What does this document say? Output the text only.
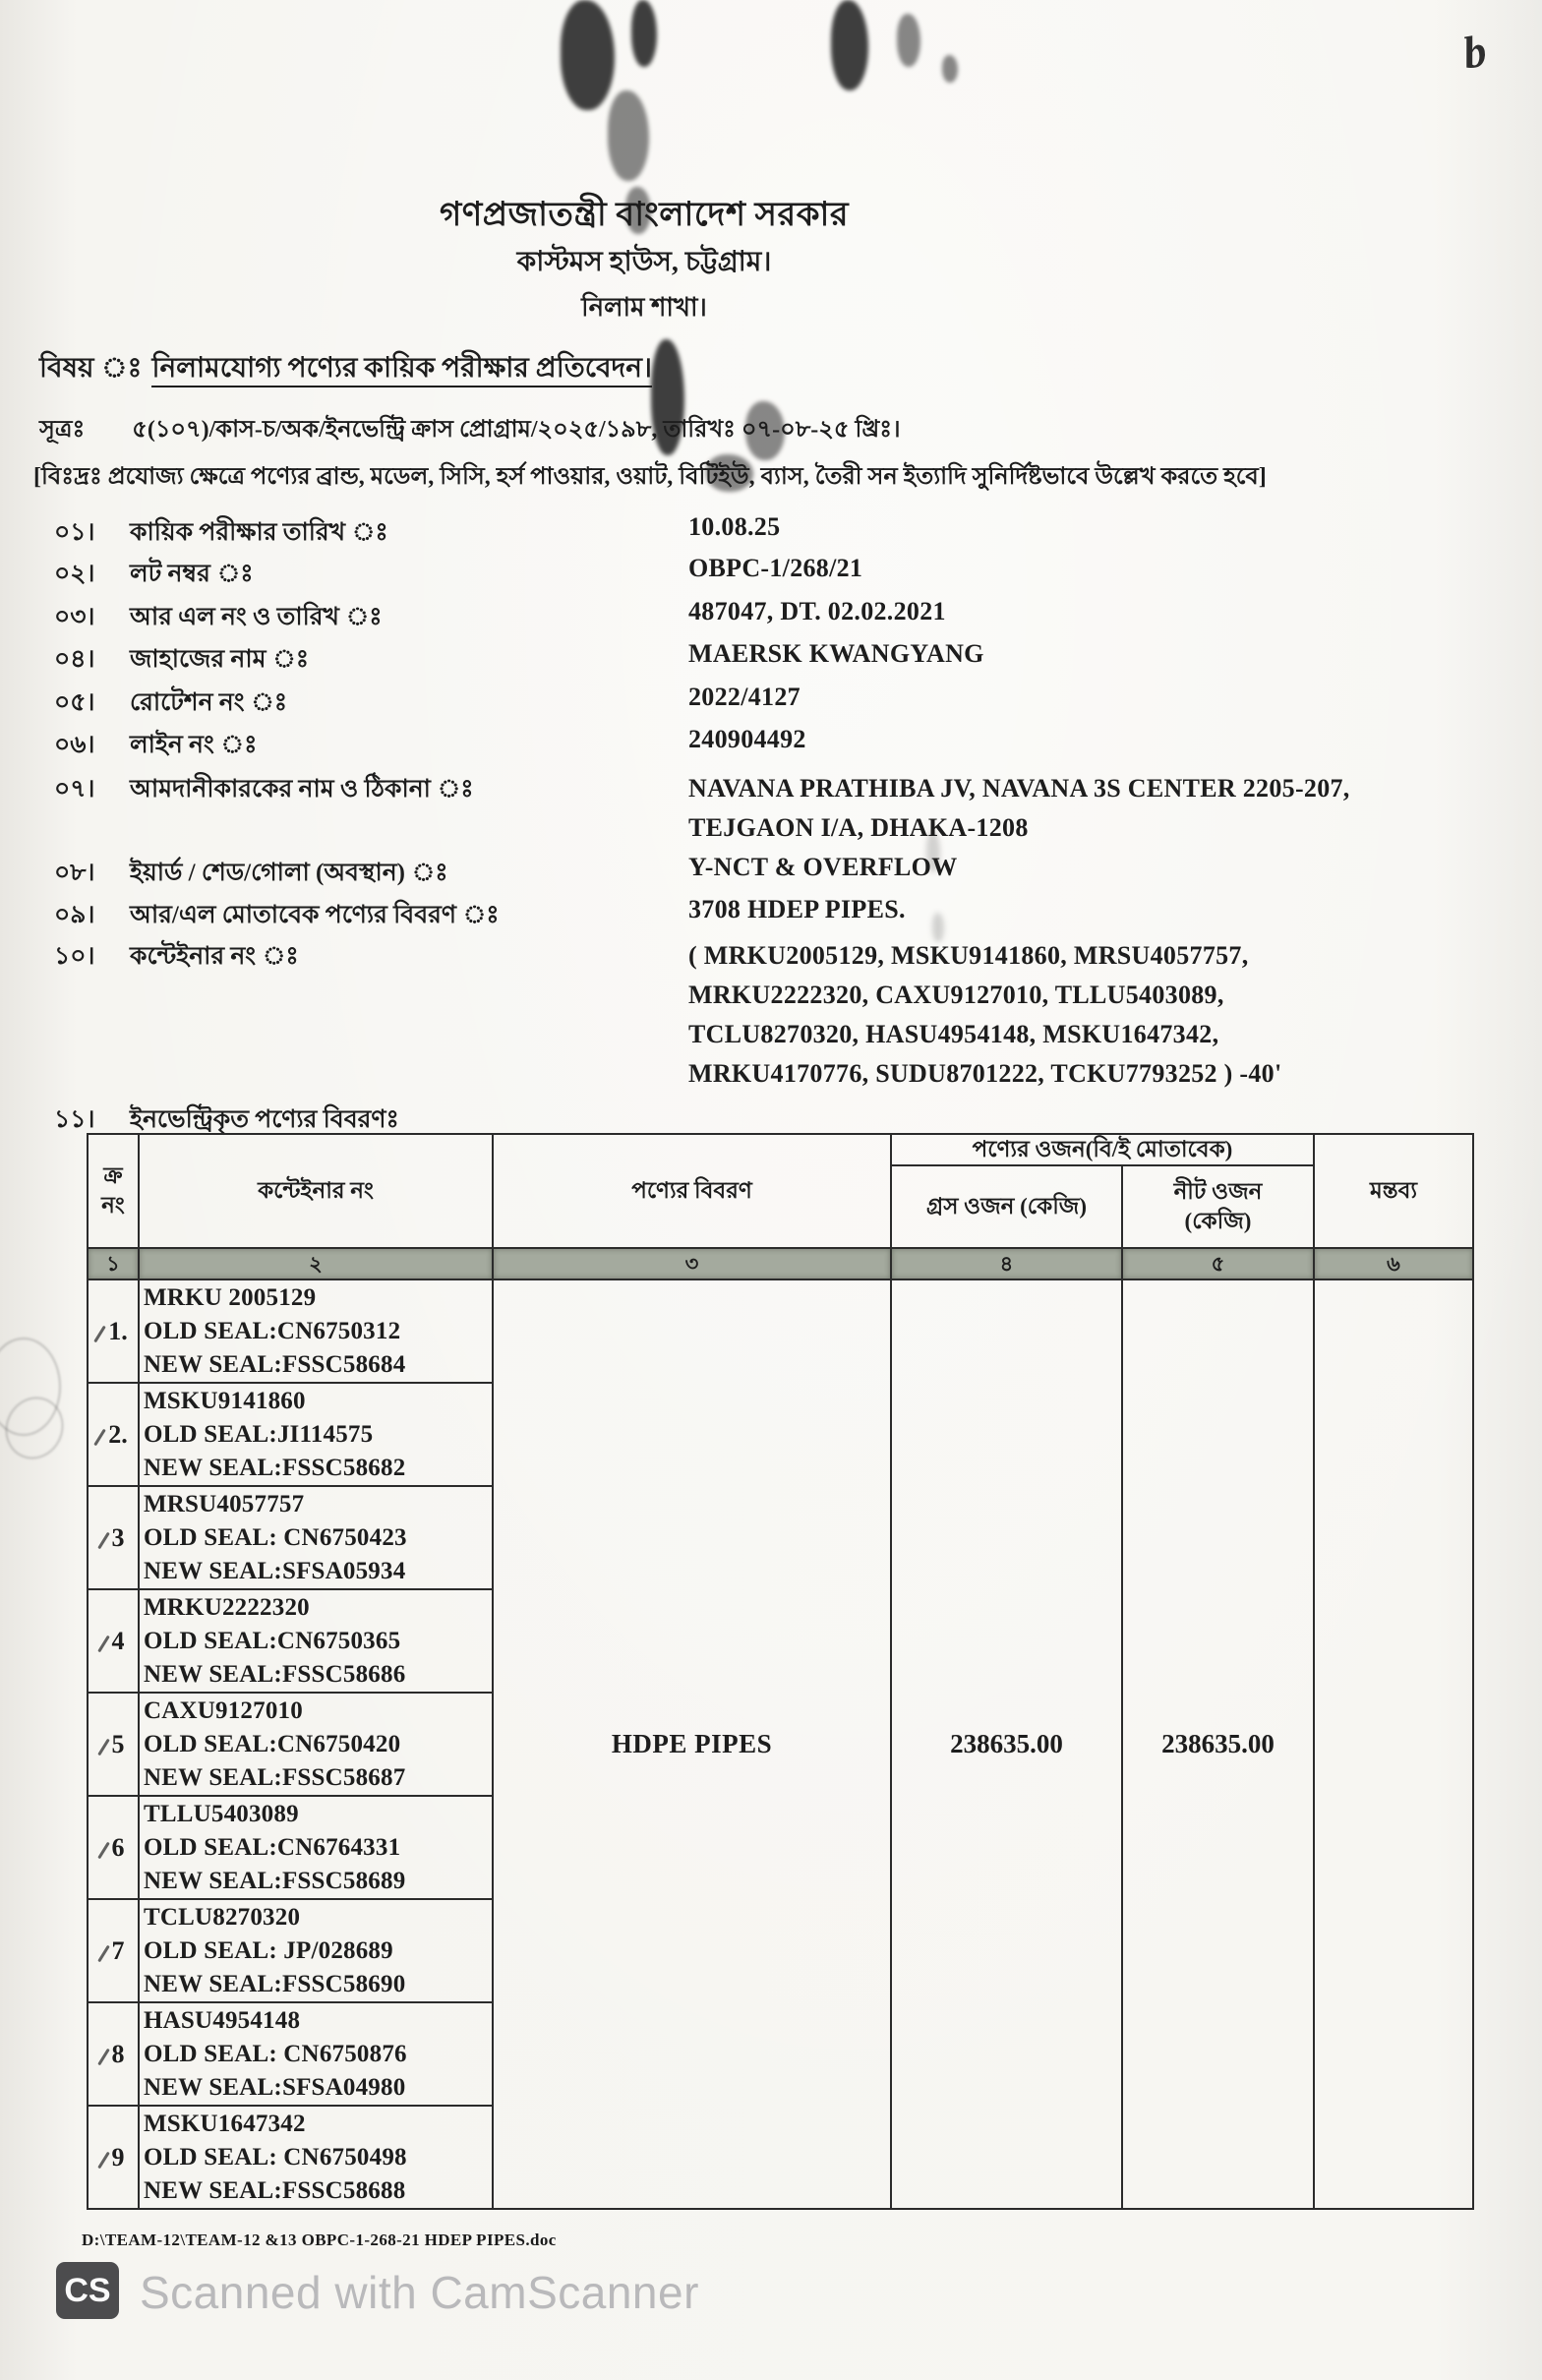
b
গণপ্রজাতন্ত্রী বাংলাদেশ সরকার
কাস্টমস হাউস, চট্টগ্রাম।
নিলাম শাখা।
বিষয় ঃ নিলামযোগ্য পণ্যের কায়িক পরীক্ষার প্রতিবেদন।
সূত্রঃ ৫(১০৭)/কাস-চ/অক/ইনভেন্ট্রি ক্রাস প্রোগ্রাম/২০২৫/১৯৮, তারিখঃ ০৭-০৮-২৫ খ্রিঃ।
[বিঃদ্রঃ প্রযোজ্য ক্ষেত্রে পণ্যের ব্রান্ড, মডেল, সিসি, হর্স পাওয়ার, ওয়াট, বিটিইউ, ব্যাস, তৈরী সন ইত্যাদি সুনির্দিষ্টভাবে উল্লেখ করতে হবে]
০১। কায়িক পরীক্ষার তারিখ ঃ	10.08.25
০২। লট নম্বর ঃ	OBPC-1/268/21
০৩। আর এল নং ও তারিখ ঃ	487047, DT. 02.02.2021
০৪। জাহাজের নাম ঃ	MAERSK KWANGYANG
০৫। রোটেশন নং ঃ	2022/4127
০৬। লাইন নং ঃ	240904492
০৭। আমদানীকারকের নাম ও ঠিকানা ঃ	NAVANA PRATHIBA JV, NAVANA 3S CENTER 2205-207,
TEJGAON I/A, DHAKA-1208
০৮। ইয়ার্ড / শেড/গোলা (অবস্থান) ঃ	Y-NCT & OVERFLOW
০৯। আর/এল মোতাবেক পণ্যের বিবরণ ঃ	3708 HDEP PIPES.
১০। কন্টেইনার নং ঃ	( MRKU2005129, MSKU9141860, MRSU4057757,
MRKU2222320, CAXU9127010, TLLU5403089,
TCLU8270320, HASU4954148, MSKU1647342,
MRKU4170776, SUDU8701222, TCKU7793252 ) -40'
১১। ইনভেন্ট্রিকৃত পণ্যের বিবরণঃ
ক্র
নং	কন্টেইনার নং	পণ্যের বিবরণ	পণ্যের ওজন(বি/ই মোতাবেক)		মন্তব্য
			গ্রস ওজন (কেজি)	নীট ওজন
(কেজি)	

১	২	৩	৪	৫	৬
1.	MRKU 2005129
OLD SEAL:CN6750312
NEW SEAL:FSSC58684	HDPE PIPES	238635.00	238635.00	
2.	MSKU9141860
OLD SEAL:JI114575
NEW SEAL:FSSC58682				

3	MRSU4057757
OLD SEAL: CN6750423
NEW SEAL:SFSA05934				

4	MRKU2222320
OLD SEAL:CN6750365
NEW SEAL:FSSC58686				

5	CAXU9127010
OLD SEAL:CN6750420
NEW SEAL:FSSC58687				

6	TLLU5403089
OLD SEAL:CN6764331
NEW SEAL:FSSC58689				

7	TCLU8270320
OLD SEAL: JP/028689
NEW SEAL:FSSC58690				

8	HASU4954148
OLD SEAL: CN6750876
NEW SEAL:SFSA04980				

9	MSKU1647342
OLD SEAL: CN6750498
NEW SEAL:FSSC58688				
D:\TEAM-12\TEAM-12 &13 OBPC-1-268-21 HDEP PIPES.doc
CS Scanned with CamScanner
